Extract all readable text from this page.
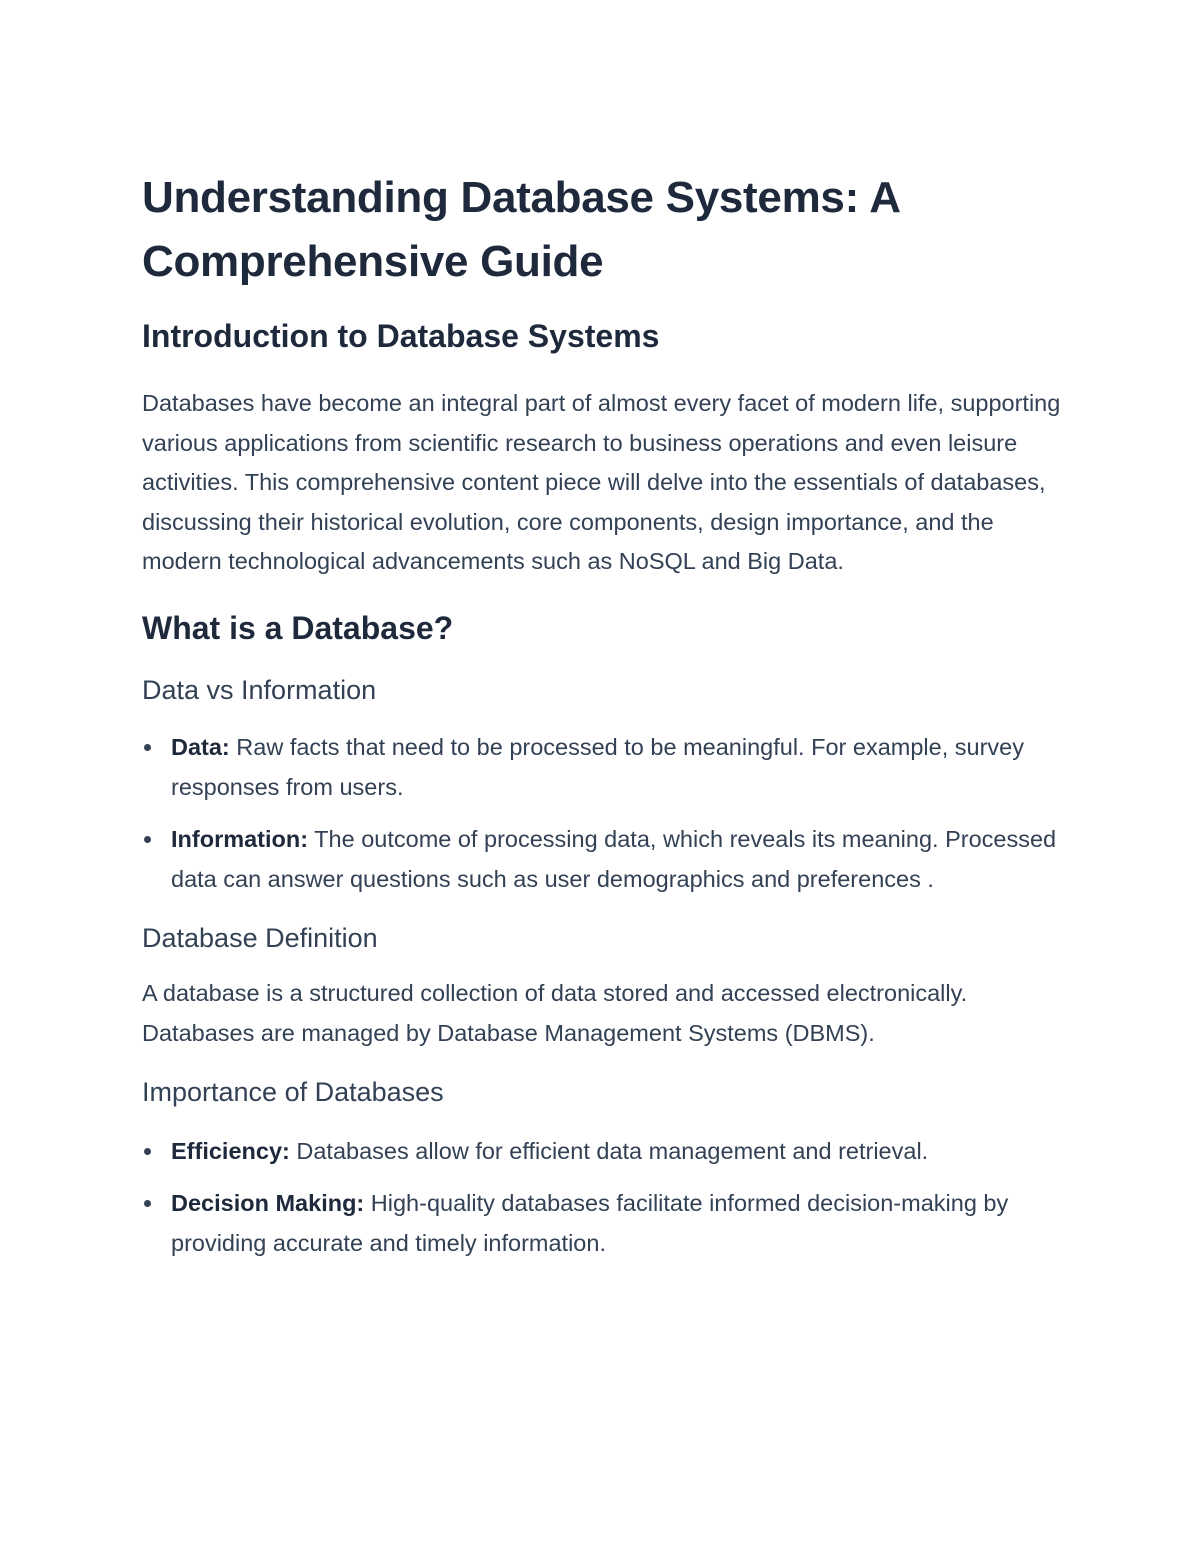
Understanding Database Systems: A Comprehensive Guide
Introduction to Database Systems

Databases have become an integral part of almost every facet of modern life, supporting various applications from scientific research to business operations and even leisure activities. This comprehensive content piece will delve into the essentials of databases, discussing their historical evolution, core components, design importance, and the modern technological advancements such as NoSQL and Big Data.

What is a Database?
Data vs Information
Data: Raw facts that need to be processed to be meaningful. For example, survey responses from users.
Information: The outcome of processing data, which reveals its meaning. Processed data can answer questions such as user demographics and preferences .
Database Definition

A database is a structured collection of data stored and accessed electronically. Databases are managed by Database Management Systems (DBMS).

Importance of Databases
Efficiency: Databases allow for efficient data management and retrieval.
Decision Making: High-quality databases facilitate informed decision-making by providing accurate and timely information.
